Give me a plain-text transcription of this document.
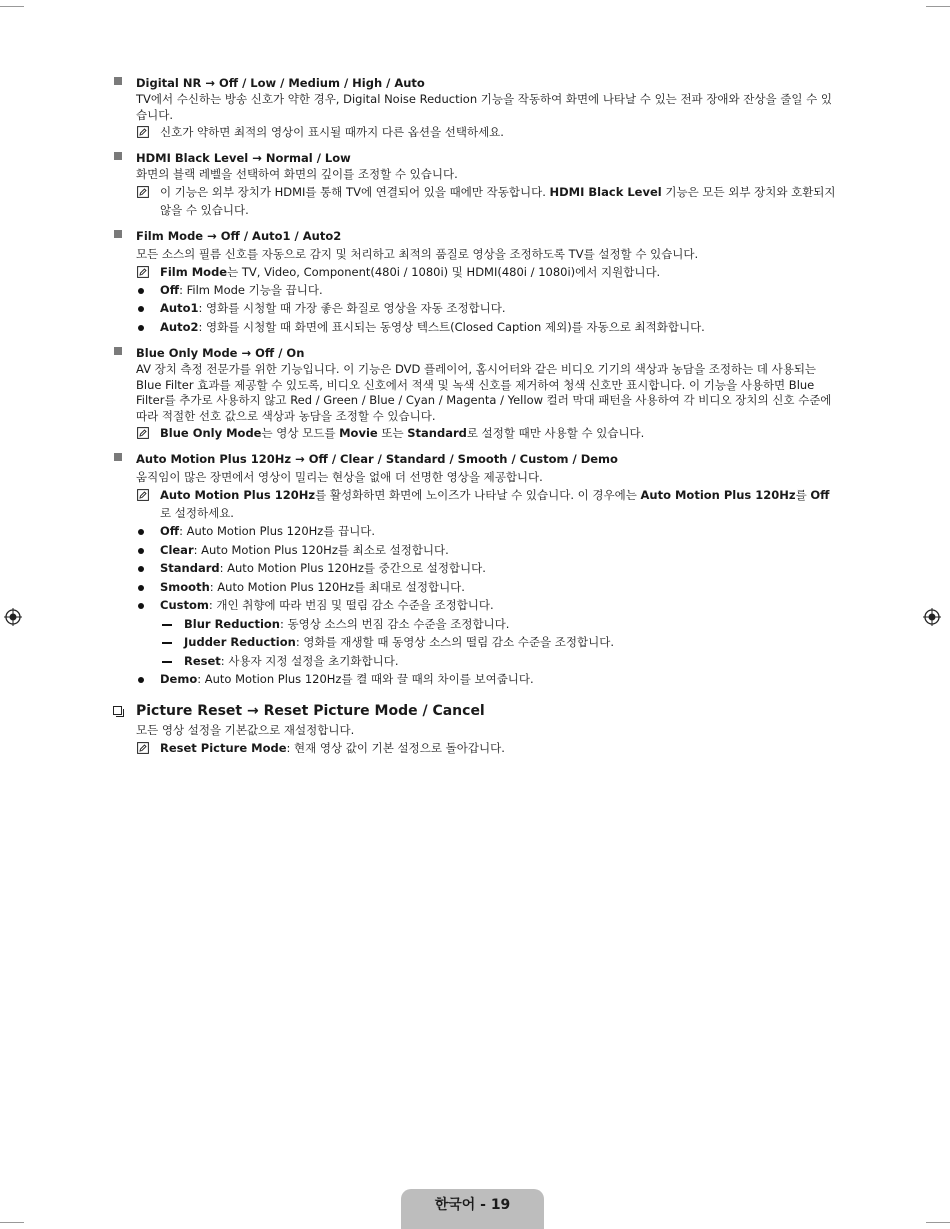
Digital NR → Off / Low / Medium / High / Auto
TV에서 수신하는 방송 신호가 약한 경우, Digital Noise Reduction 기능을 작동하여 화면에 나타날 수 있는 전파 장애와 잔상을 줄일 수 있습니다.
신호가 약하면 최적의 영상이 표시될 때까지 다른 옵션을 선택하세요.
HDMI Black Level → Normal / Low
화면의 블랙 레벨을 선택하여 화면의 깊이를 조정할 수 있습니다.
이 기능은 외부 장치가 HDMI를 통해 TV에 연결되어 있을 때에만 작동합니다. HDMI Black Level 기능은 모든 외부 장치와 호환되지 않을 수 있습니다.
Film Mode → Off / Auto1 / Auto2
모든 소스의 필름 신호를 자동으로 감지 및 처리하고 최적의 품질로 영상을 조정하도록 TV를 설정할 수 있습니다.
Film Mode는 TV, Video, Component(480i / 1080i) 및 HDMI(480i / 1080i)에서 지원합니다.
Off: Film Mode 기능을 끕니다.
Auto1: 영화를 시청할 때 가장 좋은 화질로 영상을 자동 조정합니다.
Auto2: 영화를 시청할 때 화면에 표시되는 동영상 텍스트(Closed Caption 제외)를 자동으로 최적화합니다.
Blue Only Mode → Off / On
AV 장치 측정 전문가를 위한 기능입니다. 이 기능은 DVD 플레이어, 홈시어터와 같은 비디오 기기의 색상과 농담을 조정하는 데 사용되는 Blue Filter 효과를 제공할 수 있도록, 비디오 신호에서 적색 및 녹색 신호를 제거하여 청색 신호만 표시합니다. 이 기능을 사용하면 Blue Filter를 추가로 사용하지 않고 Red / Green / Blue / Cyan / Magenta / Yellow 컬러 막대 패턴을 사용하여 각 비디오 장치의 신호 수준에 따라 적절한 선호 값으로 색상과 농담을 조정할 수 있습니다.
Blue Only Mode는 영상 모드를 Movie 또는 Standard로 설정할 때만 사용할 수 있습니다.
Auto Motion Plus 120Hz → Off / Clear / Standard / Smooth / Custom / Demo
움직임이 많은 장면에서 영상이 밀리는 현상을 없애 더 선명한 영상을 제공합니다.
Auto Motion Plus 120Hz를 활성화하면 화면에 노이즈가 나타날 수 있습니다. 이 경우에는 Auto Motion Plus 120Hz를 Off로 설정하세요.
Off: Auto Motion Plus 120Hz를 끕니다.
Clear: Auto Motion Plus 120Hz를 최소로 설정합니다.
Standard: Auto Motion Plus 120Hz를 중간으로 설정합니다.
Smooth: Auto Motion Plus 120Hz를 최대로 설정합니다.
Custom: 개인 취향에 따라 번짐 및 떨림 감소 수준을 조정합니다.
Blur Reduction: 동영상 소스의 번짐 감소 수준을 조정합니다.
Judder Reduction: 영화를 재생할 때 동영상 소스의 떨림 감소 수준을 조정합니다.
Reset: 사용자 지정 설정을 초기화합니다.
Demo: Auto Motion Plus 120Hz를 켤 때와 끌 때의 차이를 보여줍니다.
Picture Reset → Reset Picture Mode / Cancel
모든 영상 설정을 기본값으로 재설정합니다.
Reset Picture Mode: 현재 영상 값이 기본 설정으로 돌아갑니다.
한국어 - 19
